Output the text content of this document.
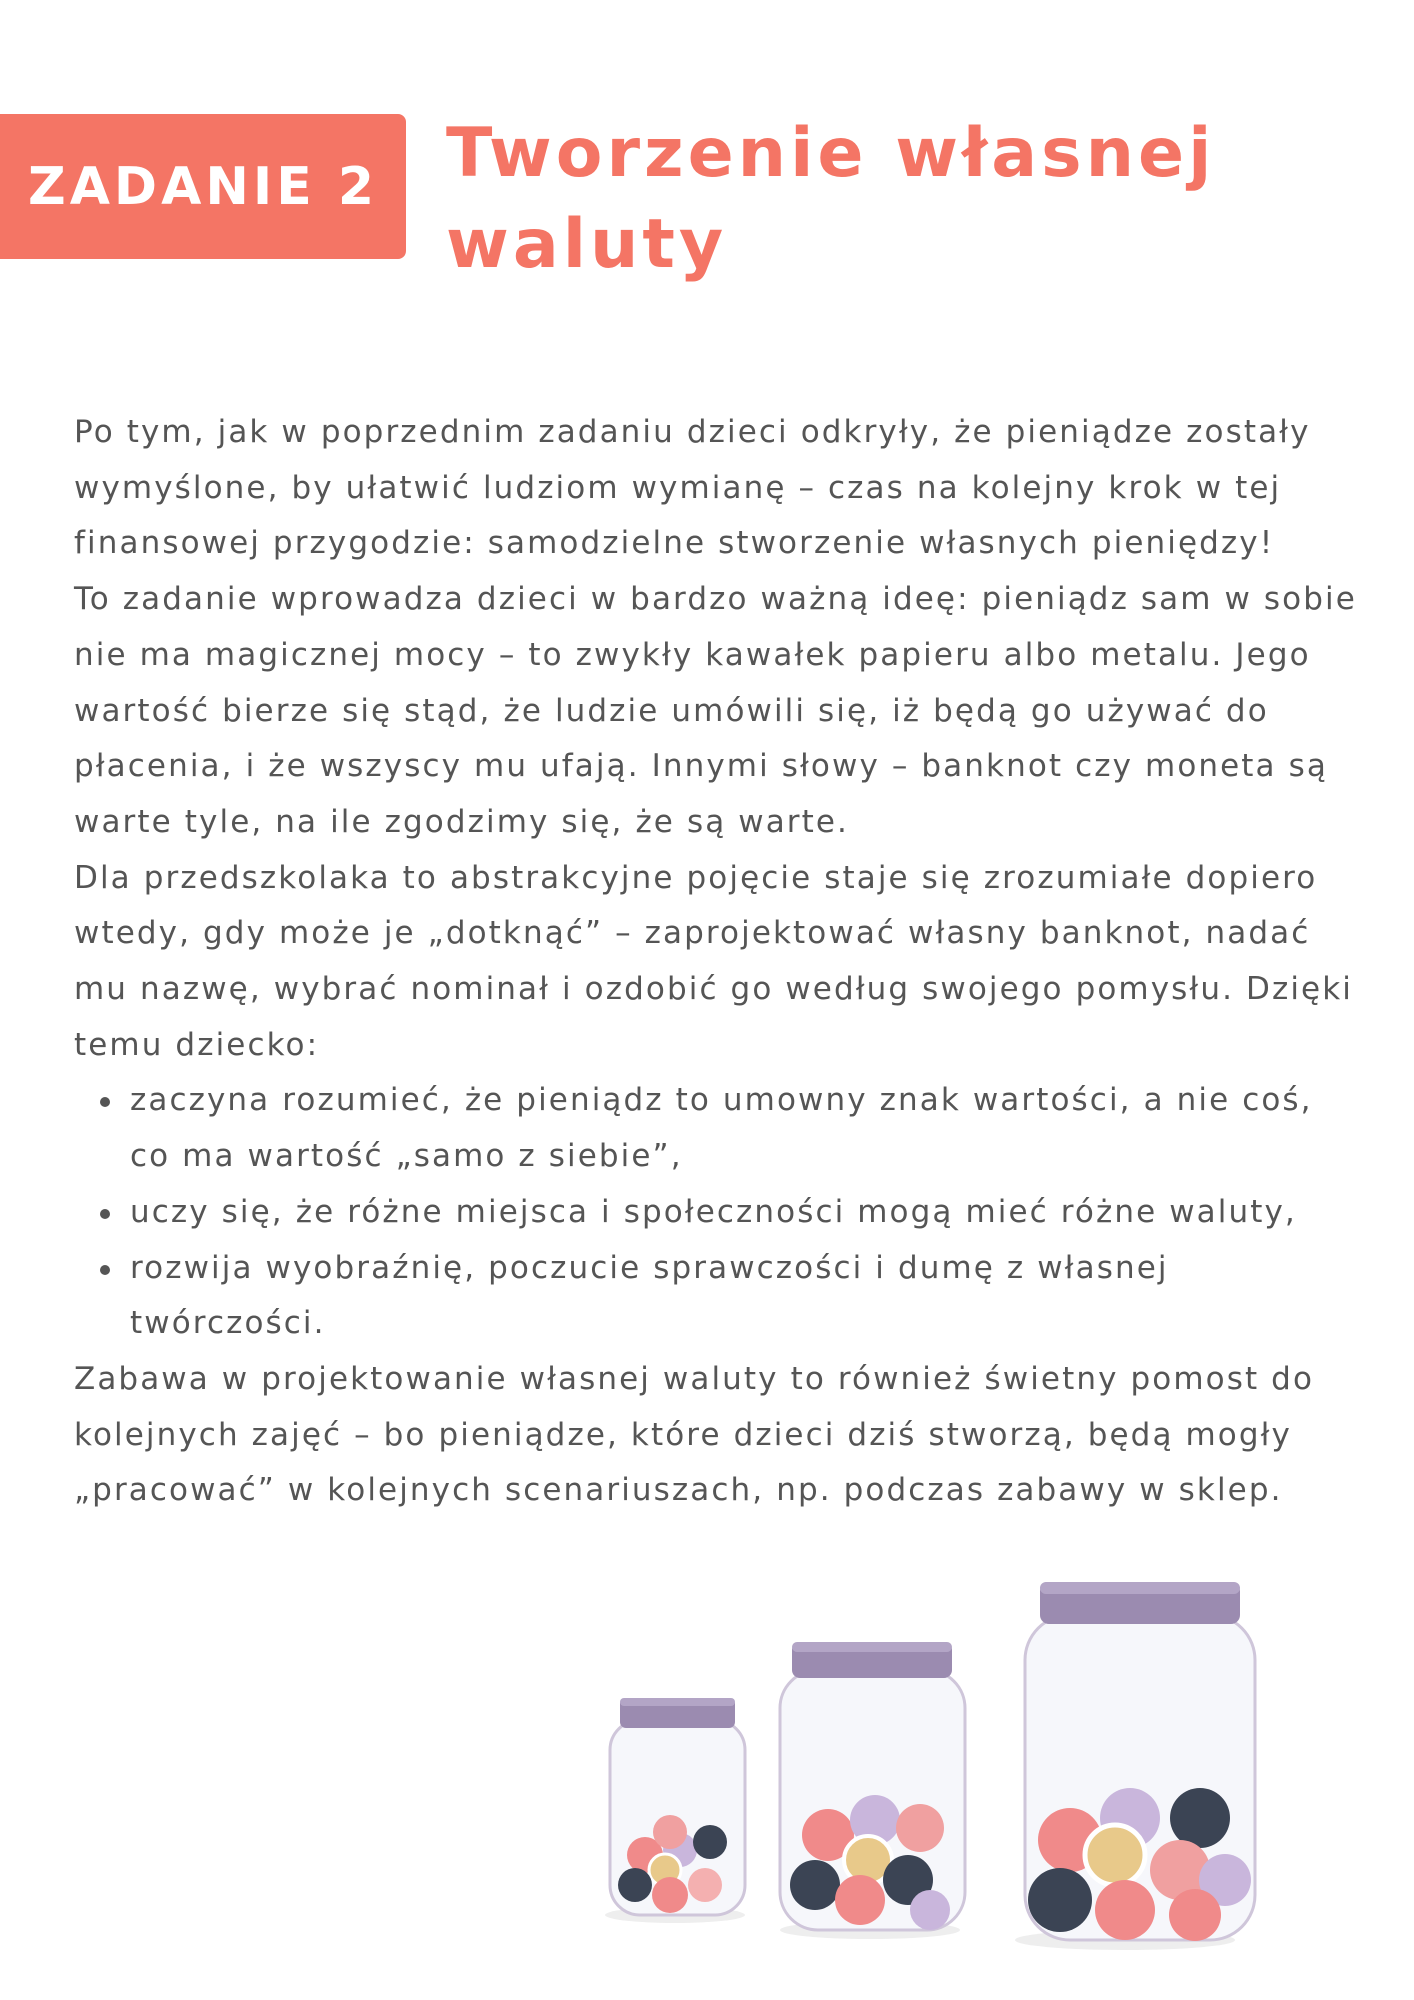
ZADANIE 2 Tworzenie własnej
waluty

Po tym, jak w poprzednim zadaniu dzieci odkryły, że pieniądze zostały wymyślone, by ułatwić ludziom wymianę – czas na kolejny krok w tej finansowej przygodzie: samodzielne stworzenie własnych pieniędzy!

To zadanie wprowadza dzieci w bardzo ważną ideę: pieniądz sam w sobie nie ma magicznej mocy – to zwykły kawałek papieru albo metalu. Jego wartość bierze się stąd, że ludzie umówili się, iż będą go używać do płacenia, i że wszyscy mu ufają. Innymi słowy – banknot czy moneta są warte tyle, na ile zgodzimy się, że są warte.

Dla przedszkolaka to abstrakcyjne pojęcie staje się zrozumiałe dopiero wtedy, gdy może je „dotknąć” – zaprojektować własny banknot, nadać mu nazwę, wybrać nominał i ozdobić go według swojego pomysłu. Dzięki temu dziecko:

zaczyna rozumieć, że pieniądz to umowny znak wartości, a nie coś, co ma wartość „samo z siebie”,
uczy się, że różne miejsca i społeczności mogą mieć różne waluty,
rozwija wyobraźnię, poczucie sprawczości i dumę z własnej twórczości.

Zabawa w projektowanie własnej waluty to również świetny pomost do kolejnych zajęć – bo pieniądze, które dzieci dziś stworzą, będą mogły „pracować” w kolejnych scenariuszach, np. podczas zabawy w sklep.
